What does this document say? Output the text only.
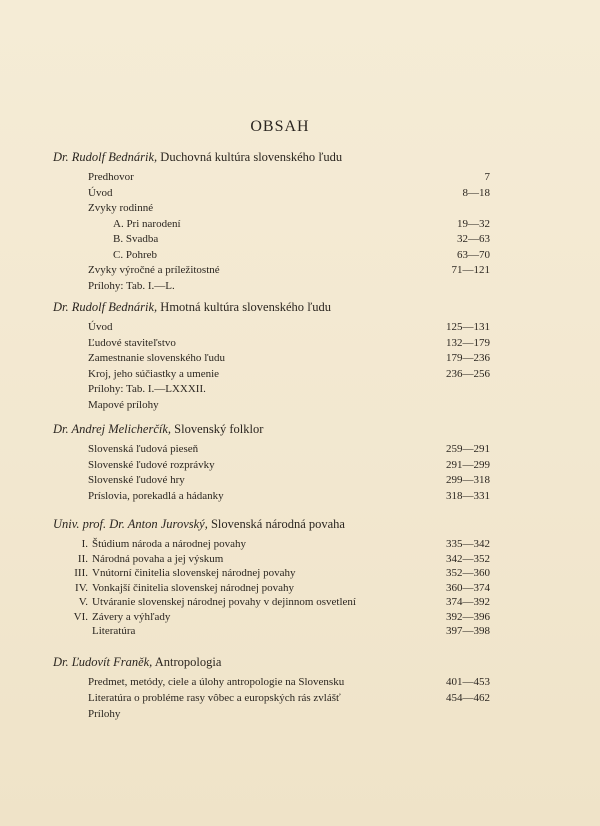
OBSAH
Dr. Rudolf Bednárik, Duchovná kultúra slovenského ľudu
Predhovor	7
Úvod	8—18
Zvyky rodinné
A. Pri narodení	19—32
B. Svadba	32—63
C. Pohreb	63—70
Zvyky výročné a príležitostné	71—121
Prílohy: Tab. I.—L.
Dr. Rudolf Bednárik, Hmotná kultúra slovenského ľudu
Úvod	125—131
Ľudové staviteľstvo	132—179
Zamestnanie slovenského ľudu	179—236
Kroj, jeho súčiastky a umenie	236—256
Prílohy: Tab. I.—LXXXII.
Mapové prílohy
Dr. Andrej Melicherčík, Slovenský folklor
Slovenská ľudová pieseň	259—291
Slovenské ľudové rozprávky	291—299
Slovenské ľudové hry	299—318
Príslovia, porekadlá a hádanky	318—331
Univ. prof. Dr. Anton Jurovský, Slovenská národná povaha
I. Štúdium národa a národnej povahy	335—342
II. Národná povaha a jej výskum	342—352
III. Vnútorní činitelia slovenskej národnej povahy	352—360
IV. Vonkajší činitelia slovenskej národnej povahy	360—374
V. Utváranie slovenskej národnej povahy v dejinnom osvetlení	374—392
VI. Závery a výhľady	392—396
Literatúra	397—398
Dr. Ľudovít Franěk, Antropologia
Predmet, metódy, ciele a úlohy antropologie na Slovensku	401—453
Literatúra o probléme rasy vôbec a europských rás zvlášť	454—462
Prílohy
